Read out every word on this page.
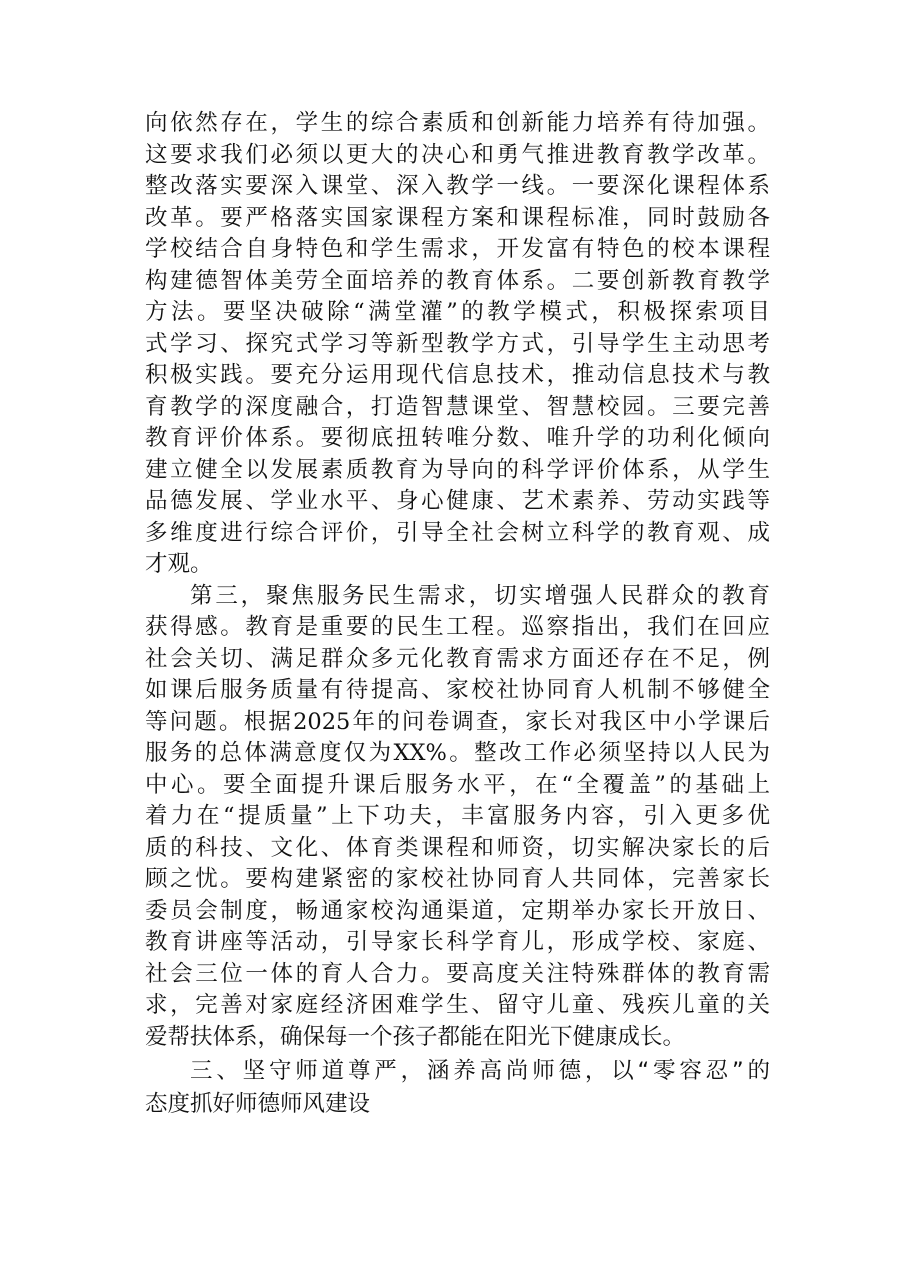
向依然存在，学生的综合素质和创新能力培养有待加强。
这要求我们必须以更大的决心和勇气推进教育教学改革。
整改落实要深入课堂、深入教学一线。一要深化课程体系
改革。要严格落实国家课程方案和课程标准，同时鼓励各
学校结合自身特色和学生需求，开发富有特色的校本课程
构建德智体美劳全面培养的教育体系。二要创新教育教学
方法。要坚决破除“满堂灌”的教学模式，积极探索项目
式学习、探究式学习等新型教学方式，引导学生主动思考
积极实践。要充分运用现代信息技术，推动信息技术与教
育教学的深度融合，打造智慧课堂、智慧校园。三要完善
教育评价体系。要彻底扭转唯分数、唯升学的功利化倾向
建立健全以发展素质教育为导向的科学评价体系，从学生
品德发展、学业水平、身心健康、艺术素养、劳动实践等
多维度进行综合评价，引导全社会树立科学的教育观、成
才观。
第三，聚焦服务民生需求，切实增强人民群众的教育
获得感。教育是重要的民生工程。巡察指出，我们在回应
社会关切、满足群众多元化教育需求方面还存在不足，例
如课后服务质量有待提高、家校社协同育人机制不够健全
等问题。根据2025年的问卷调查，家长对我区中小学课后
服务的总体满意度仅为XX%。整改工作必须坚持以人民为
中心。要全面提升课后服务水平，在“全覆盖”的基础上
着力在“提质量”上下功夫，丰富服务内容，引入更多优
质的科技、文化、体育类课程和师资，切实解决家长的后
顾之忧。要构建紧密的家校社协同育人共同体，完善家长
委员会制度，畅通家校沟通渠道，定期举办家长开放日、
教育讲座等活动，引导家长科学育儿，形成学校、家庭、
社会三位一体的育人合力。要高度关注特殊群体的教育需
求，完善对家庭经济困难学生、留守儿童、残疾儿童的关
爱帮扶体系，确保每一个孩子都能在阳光下健康成长。
三、坚守师道尊严，涵养高尚师德，以“零容忍”的
态度抓好师德师风建设
